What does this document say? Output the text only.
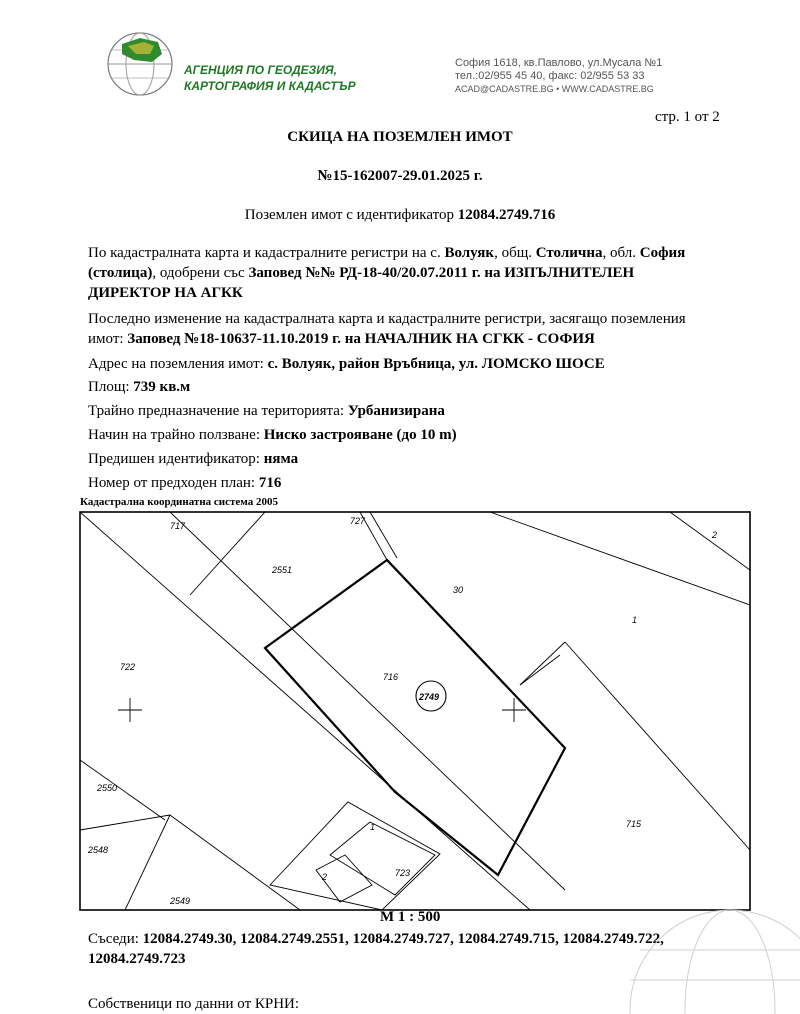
АГЕНЦИЯ ПО ГЕОДЕЗИЯ,
КАРТОГРАФИЯ И КАДАСТЪР
София 1618, кв.Павлово, ул.Мусала №1
тел.:02/955 45 40, факс: 02/955 53 33
ACAD@CADASTRE.BG • WWW.CADASTRE.BG
стр. 1 от 2
СКИЦА НА ПОЗЕМЛЕН ИМОТ
№15-162007-29.01.2025 г.
Поземлен имот с идентификатор 12084.2749.716
По кадастралната карта и кадастралните регистри на с. Волуяк, общ. Столична, обл. София
(столица), одобрени със Заповед №№ РД-18-40/20.07.2011 г. на ИЗПЪЛНИТЕЛЕН
ДИРЕКТОР НА АГКК
Последно изменение на кадастралната карта и кадастралните регистри, засягащо поземления
имот: Заповед №18-10637-11.10.2019 г. на НАЧАЛНИК НА СГКК - СОФИЯ
Адрес на поземления имот: с. Волуяк, район Връбница, ул. ЛОМСКО ШОСЕ
Площ: 739 кв.м
Трайно предназначение на територията: Урбанизирана
Начин на трайно ползване: Ниско застрояване (до 10 m)
Предишен идентификатор: няма
Номер от предходен план: 716
Кадастрална координатна система 2005
717	727
2
2551
30
1
722
716
2749
715
2550
2548
2549
1
2	723
М 1 : 500
Съседи: 12084.2749.30, 12084.2749.2551, 12084.2749.727, 12084.2749.715, 12084.2749.722,
12084.2749.723
Собственици по данни от КРНИ:
